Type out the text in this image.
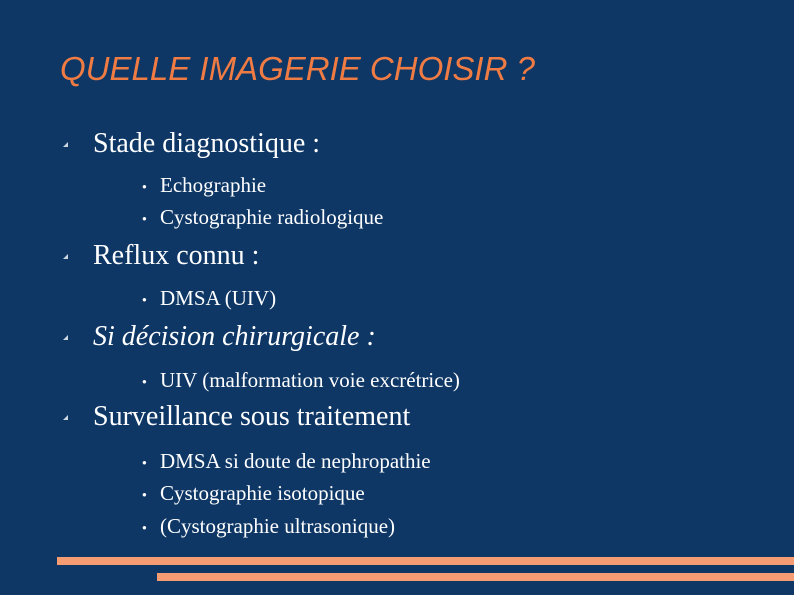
QUELLE IMAGERIE CHOISIR ?
Stade diagnostique :
● Echographie
● Cystographie radiologique
Reflux connu :
● DMSA (UIV)
Si décision chirurgicale :
● UIV (malformation voie excrétrice)
Surveillance sous traitement
● DMSA si doute de nephropathie
● Cystographie isotopique
● (Cystographie ultrasonique)
